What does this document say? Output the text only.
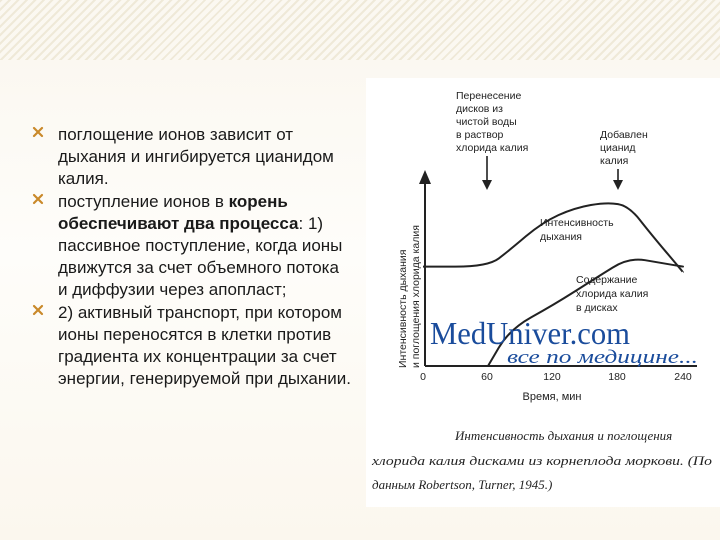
поглощение ионов зависит от дыхания и ингибируется цианидом калия.
поступление ионов в корень обеспечивают два процесса: 1) пассивное поступление, когда ионы движутся за счет объемного потока и диффузии через апопласт;
2) активный транспорт, при котором ионы переносятся в клетки против градиента их концентрации за счет энергии, генерируемой при дыхании.
Перенесение
дисков из
чистой воды
в раствор
хлорида калия
Добавлен
цианид
калия
Интенсивность дыхания и поглощения хлорида калия
Интенсивность
дыхания
Содержание
хлорида калия
в дисках
0	60	120	180	240
Время, мин
MedUniver.com
все по медицине...
Интенсивность дыхания и поглощения
хлорида калия дисками из корнеплода моркови. (По
данным Robertson, Turner, 1945.)
